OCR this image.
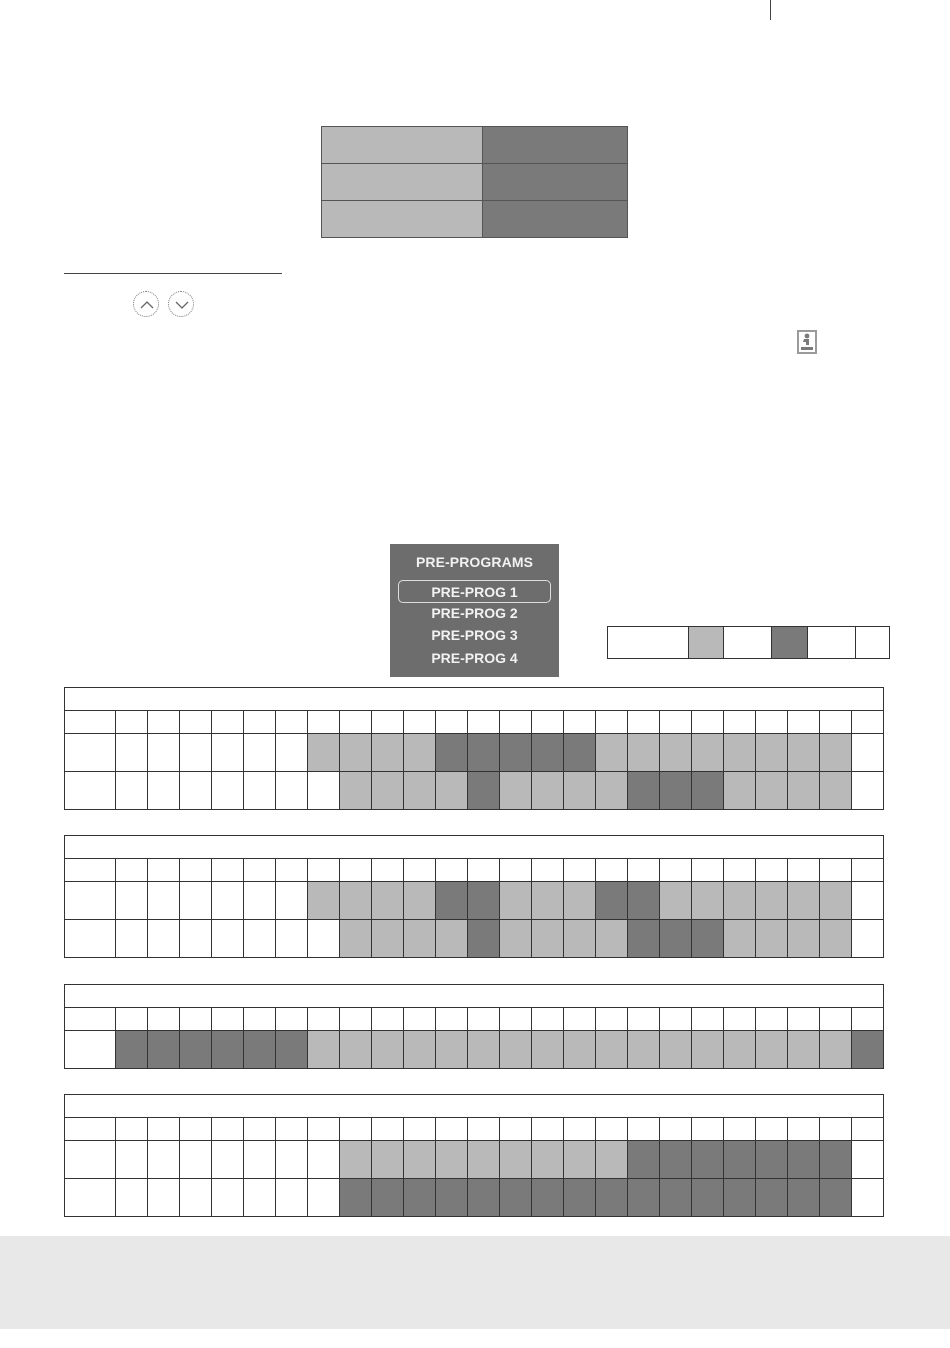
PRE-PROGRAMS
PRE-PROG 1
PRE-PROG 2
PRE-PROG 3
PRE-PROG 4
